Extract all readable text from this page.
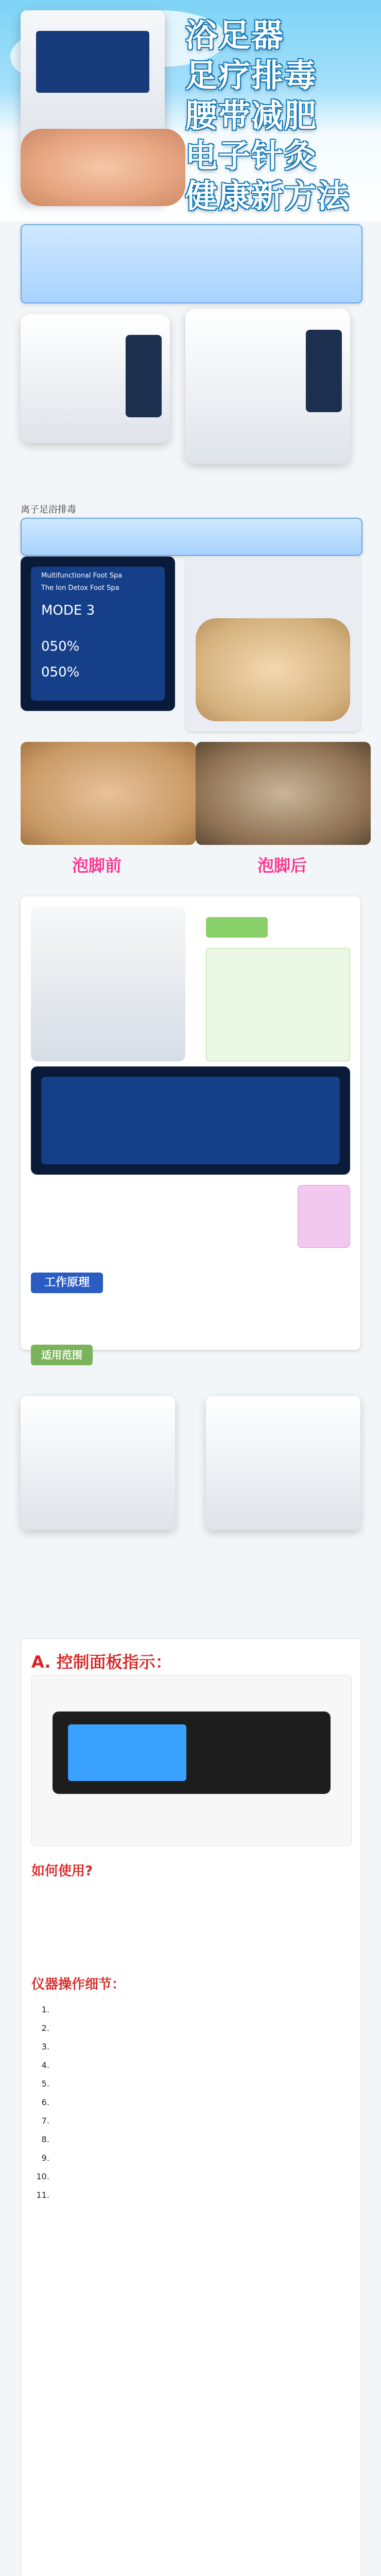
浴足器
足疗排毒
腰带减肥
电子针灸
健康新方法
离子足浴排毒
Multifunctional Foot Spa
The Ion Detox Foot Spa
MODE 3
050%
050%
泡脚前	泡脚后
工作原理
适用范围
A. 控制面板指示：
如何使用?
仪器操作细节：
1.
2.
3.
4.
5.
6.
7.
8.
9.
10.
11.
